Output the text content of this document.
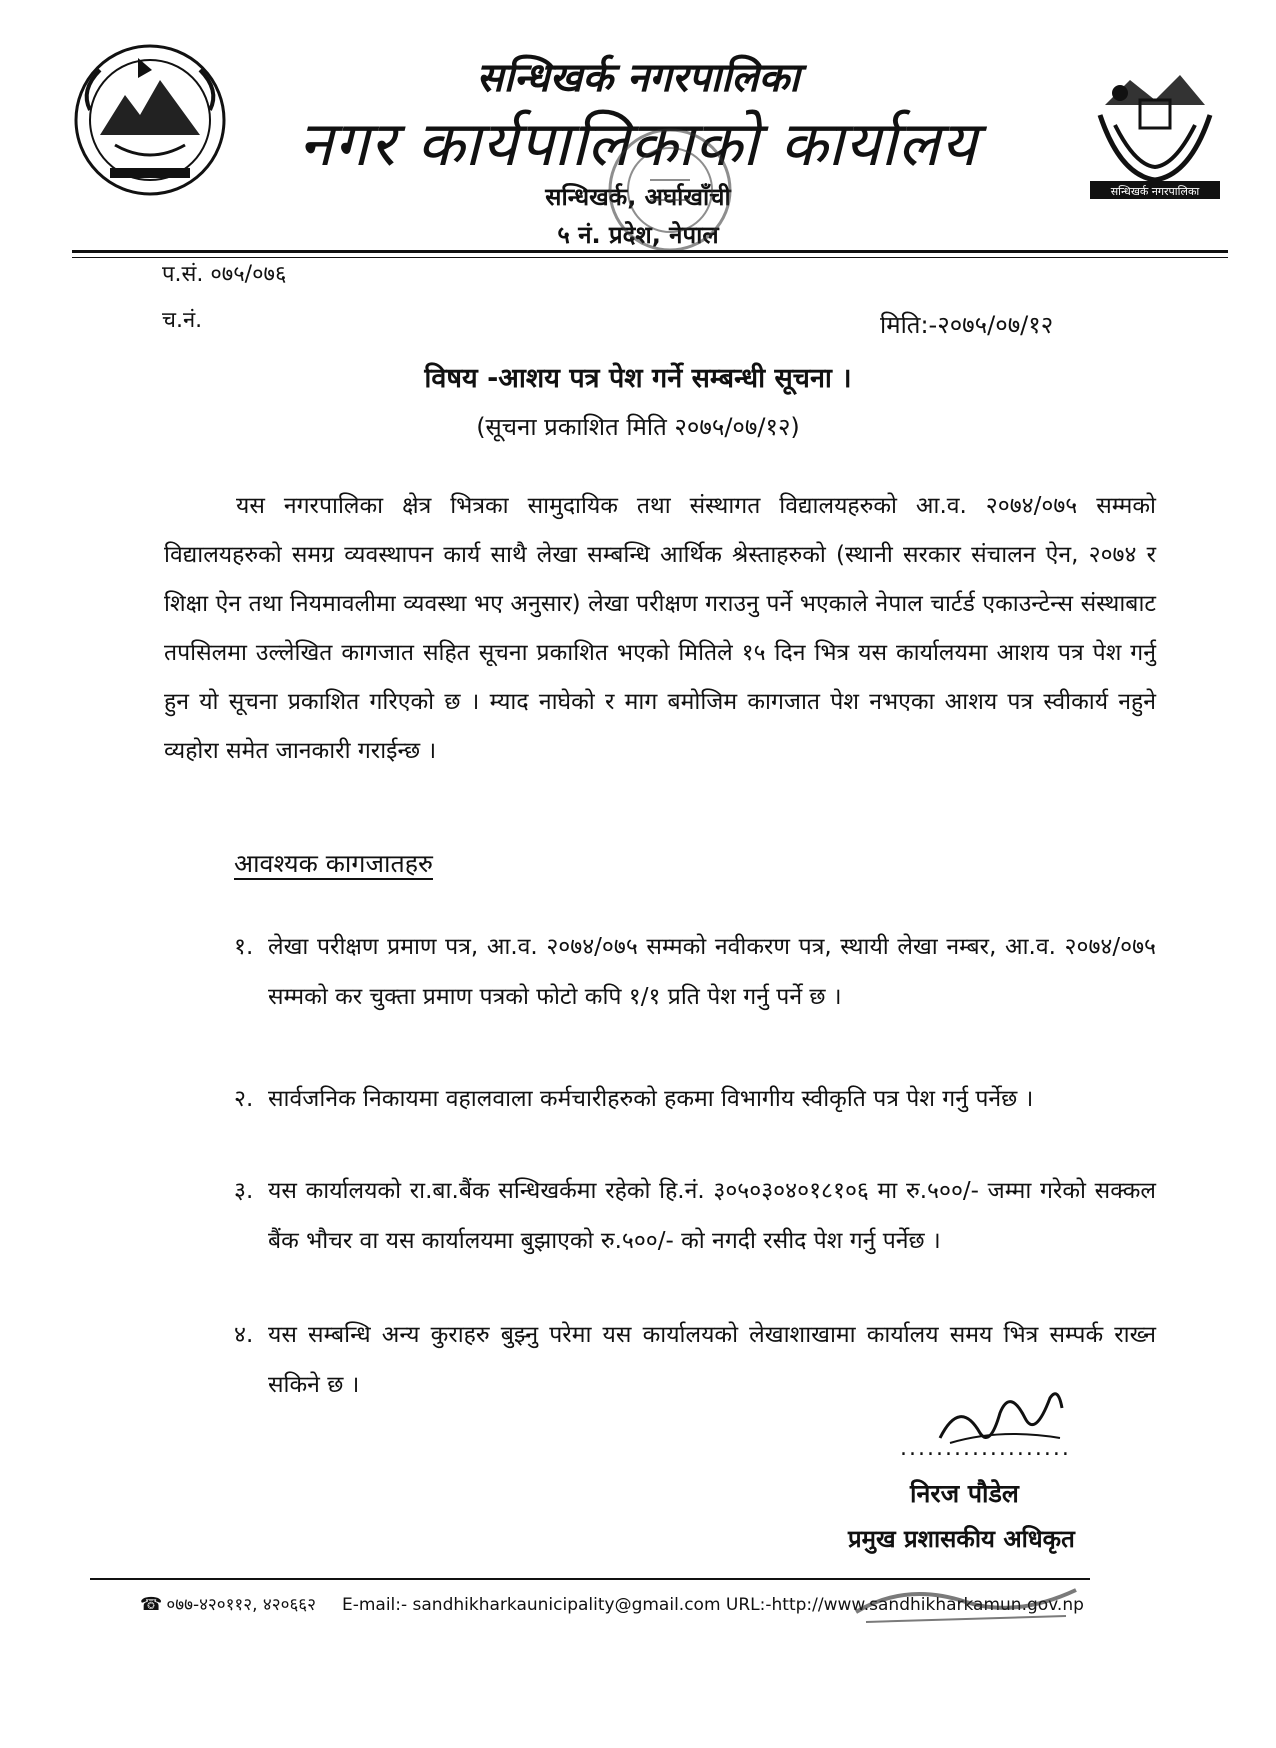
सन्धिखर्क नगरपालिका
नगर कार्यपालिकाको कार्यालय
सन्धिखर्क, अर्घाखाँची
५ नं. प्रदेश, नेपाल
सन्धिखर्क नगरपालिका
प.सं. ०७५/०७६
च.नं.	मिति:-२०७५/०७/१२
विषय -आशय पत्र पेश गर्ने सम्बन्धी सूचना ।
(सूचना प्रकाशित मिति २०७५/०७/१२)
यस नगरपालिका क्षेत्र भित्रका सामुदायिक तथा संस्थागत विद्यालयहरुको आ.व. २०७४/०७५ सम्मको विद्यालयहरुको समग्र व्यवस्थापन कार्य साथै लेखा सम्बन्धि आर्थिक श्रेस्ताहरुको (स्थानी सरकार संचालन ऐन, २०७४ र शिक्षा ऐन तथा नियमावलीमा व्यवस्था भए अनुसार) लेखा परीक्षण गराउनु पर्ने भएकाले नेपाल चार्टर्ड एकाउन्टेन्स संस्थाबाट तपसिलमा उल्लेखित कागजात सहित सूचना प्रकाशित भएको मितिले १५ दिन भित्र यस कार्यालयमा आशय पत्र पेश गर्नु हुन यो सूचना प्रकाशित गरिएको छ । म्याद नाघेको र माग बमोजिम कागजात पेश नभएका आशय पत्र स्वीकार्य नहुने व्यहोरा समेत जानकारी गराईन्छ ।
आवश्यक कागजातहरु
१. लेखा परीक्षण प्रमाण पत्र, आ.व. २०७४/०७५ सम्मको नवीकरण पत्र, स्थायी लेखा नम्बर, आ.व. २०७४/०७५ सम्मको कर चुक्ता प्रमाण पत्रको फोटो कपि १/१ प्रति पेश गर्नु पर्ने छ ।
२. सार्वजनिक निकायमा वहालवाला कर्मचारीहरुको हकमा विभागीय स्वीकृति पत्र पेश गर्नु पर्नेछ ।
३. यस कार्यालयको रा.बा.बैंक सन्धिखर्कमा रहेको हि.नं. ३०५०३०४०१८१०६ मा रु.५००/- जम्मा गरेको सक्कल बैंक भौचर वा यस कार्यालयमा बुझाएको रु.५००/- को नगदी रसीद पेश गर्नु पर्नेछ ।
४. यस सम्बन्धि अन्य कुराहरु बुझ्नु परेमा यस कार्यालयको लेखाशाखामा कार्यालय समय भित्र सम्पर्क राख्न सकिने छ ।
...................
निरज पौडेल
प्रमुख प्रशासकीय अधिकृत
☎ ०७७-४२०११२, ४२०६६२ E-mail:- sandhikharkaunicipality@gmail.com URL:-http://www.sandhikharkamun.gov.np
